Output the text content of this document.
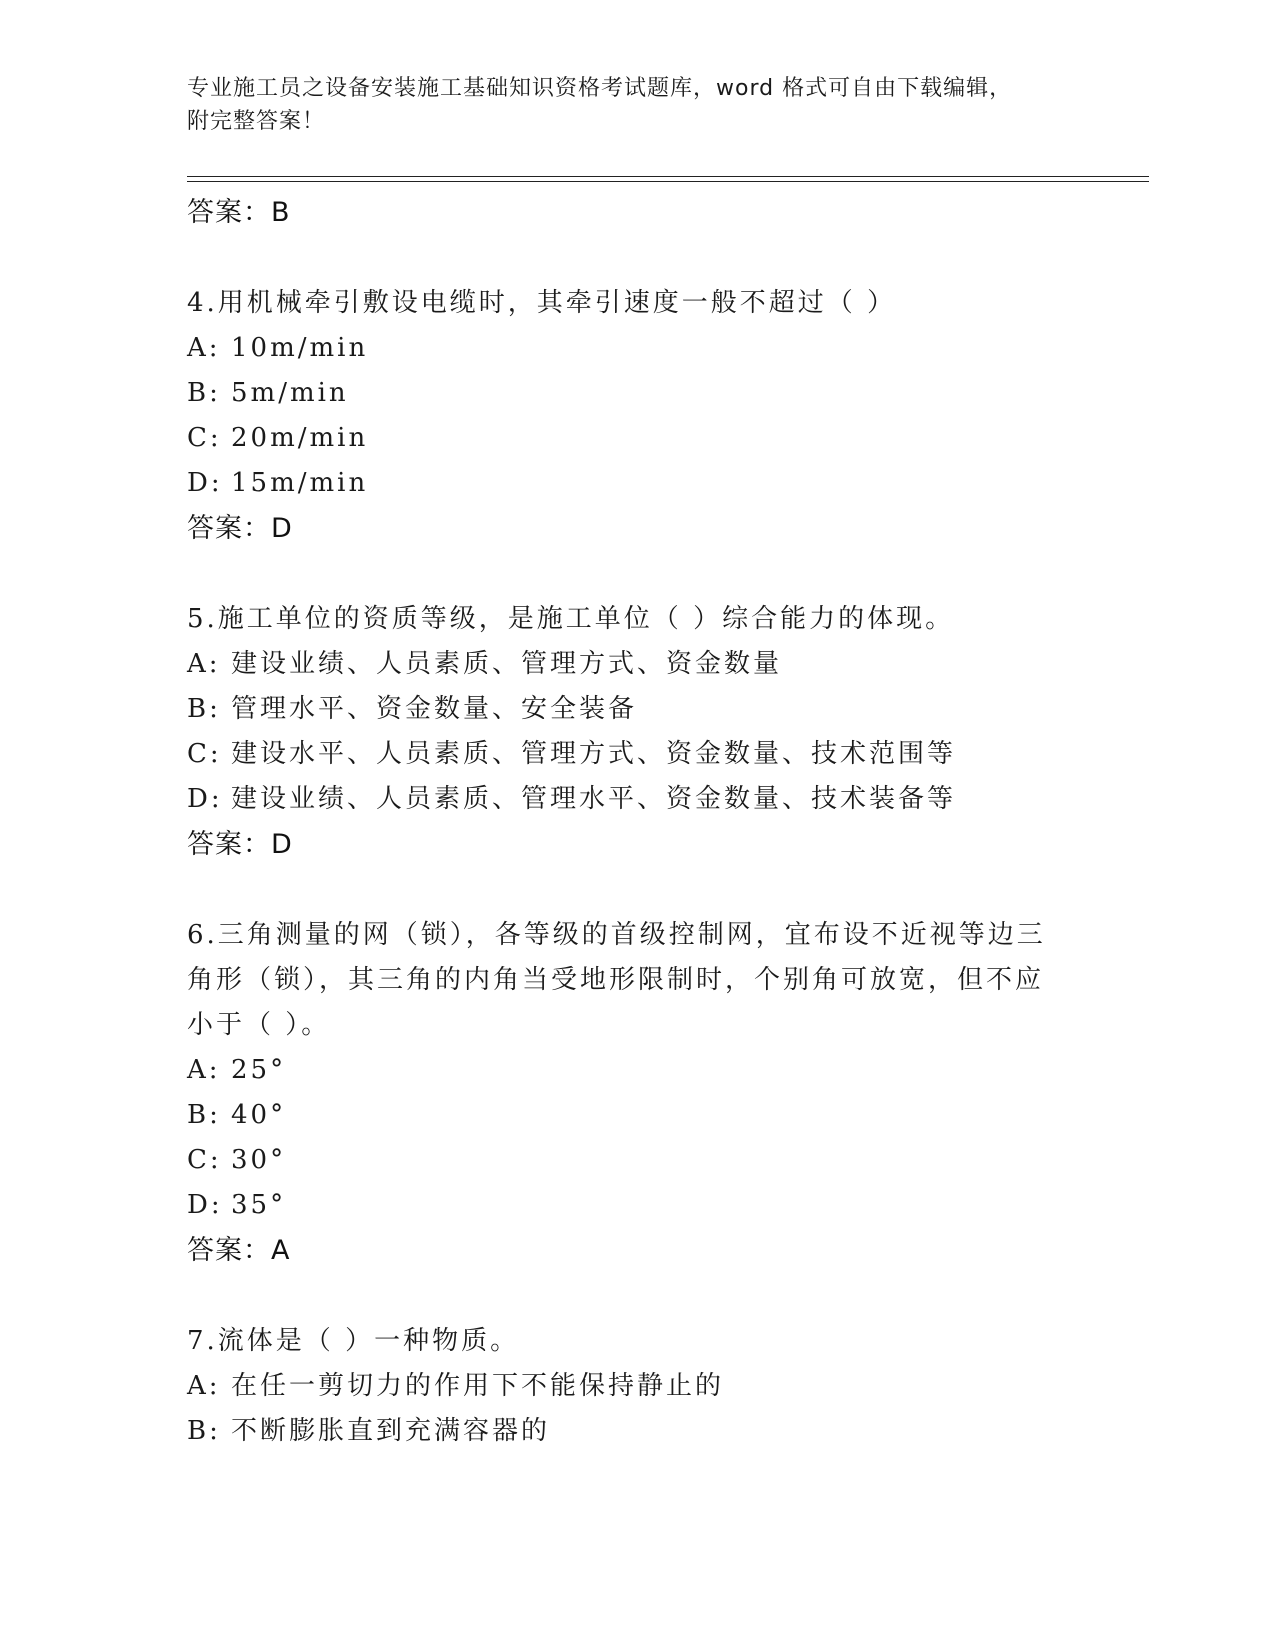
专业施工员之设备安装施工基础知识资格考试题库，word 格式可自由下载编辑，
附完整答案！
答案：B
4.用机械牵引敷设电缆时，其牵引速度一般不超过（ ）
A: 10m/min
B: 5m/min
C: 20m/min
D: 15m/min
答案：D
5.施工单位的资质等级，是施工单位（ ）综合能力的体现。
A: 建设业绩、人员素质、管理方式、资金数量
B: 管理水平、资金数量、安全装备
C: 建设水平、人员素质、管理方式、资金数量、技术范围等
D: 建设业绩、人员素质、管理水平、资金数量、技术装备等
答案：D
6.三角测量的网（锁），各等级的首级控制网，宜布设不近视等边三
角形（锁），其三角的内角当受地形限制时，个别角可放宽，但不应
小于（ ）。
A: 25°
B: 40°
C: 30°
D: 35°
答案：A
7.流体是（ ）一种物质。
A: 在任一剪切力的作用下不能保持静止的
B: 不断膨胀直到充满容器的
